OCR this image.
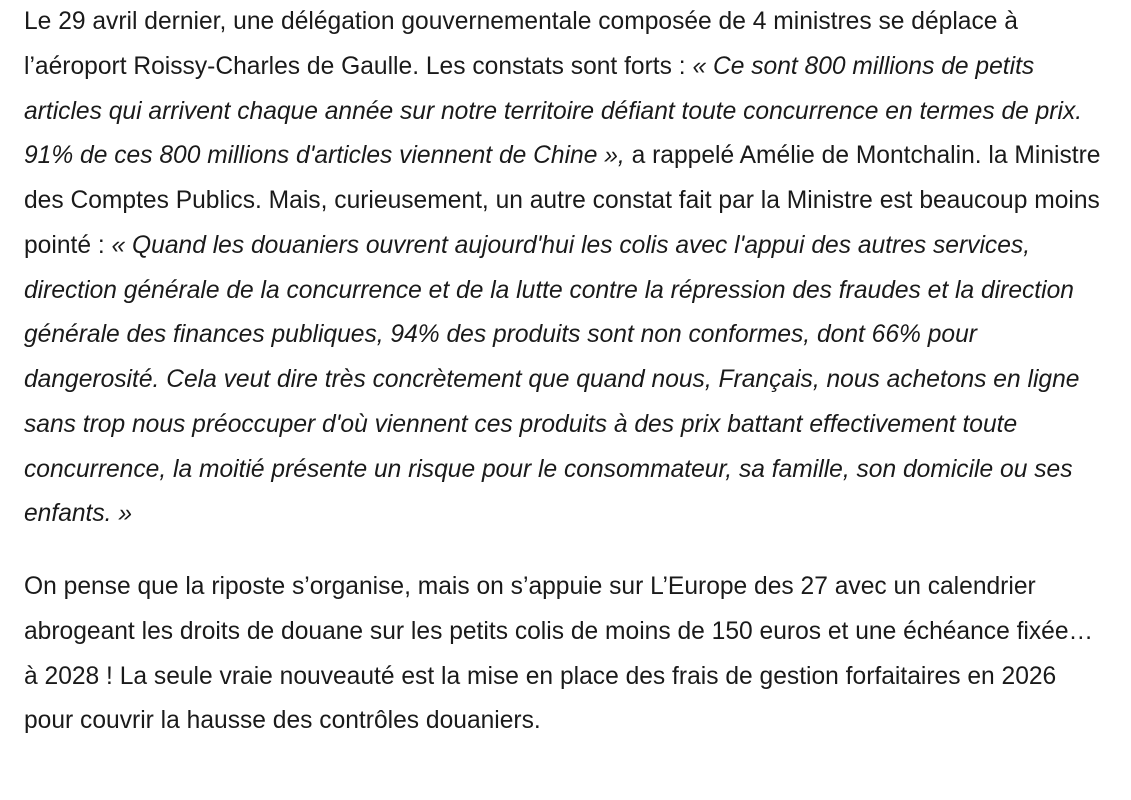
Le 29 avril dernier, une délégation gouvernementale composée de 4 ministres se déplace à l’aéroport Roissy-Charles de Gaulle. Les constats sont forts : « Ce sont 800 millions de petits articles qui arrivent chaque année sur notre territoire défiant toute concurrence en termes de prix. 91% de ces 800 millions d'articles viennent de Chine », a rappelé Amélie de Montchalin. la Ministre des Comptes Publics. Mais, curieusement, un autre constat fait par la Ministre est beaucoup moins pointé : « Quand les douaniers ouvrent aujourd'hui les colis avec l'appui des autres services, direction générale de la concurrence et de la lutte contre la répression des fraudes et la direction générale des finances publiques, 94% des produits sont non conformes, dont 66% pour dangerosité. Cela veut dire très concrètement que quand nous, Français, nous achetons en ligne sans trop nous préoccuper d'où viennent ces produits à des prix battant effectivement toute concurrence, la moitié présente un risque pour le consommateur, sa famille, son domicile ou ses enfants. »

On pense que la riposte s’organise, mais on s’appuie sur L’Europe des 27 avec un calendrier abrogeant les droits de douane sur les petits colis de moins de 150 euros et une échéance fixée… à 2028 ! La seule vraie nouveauté est la mise en place des frais de gestion forfaitaires en 2026 pour couvrir la hausse des contrôles douaniers.
